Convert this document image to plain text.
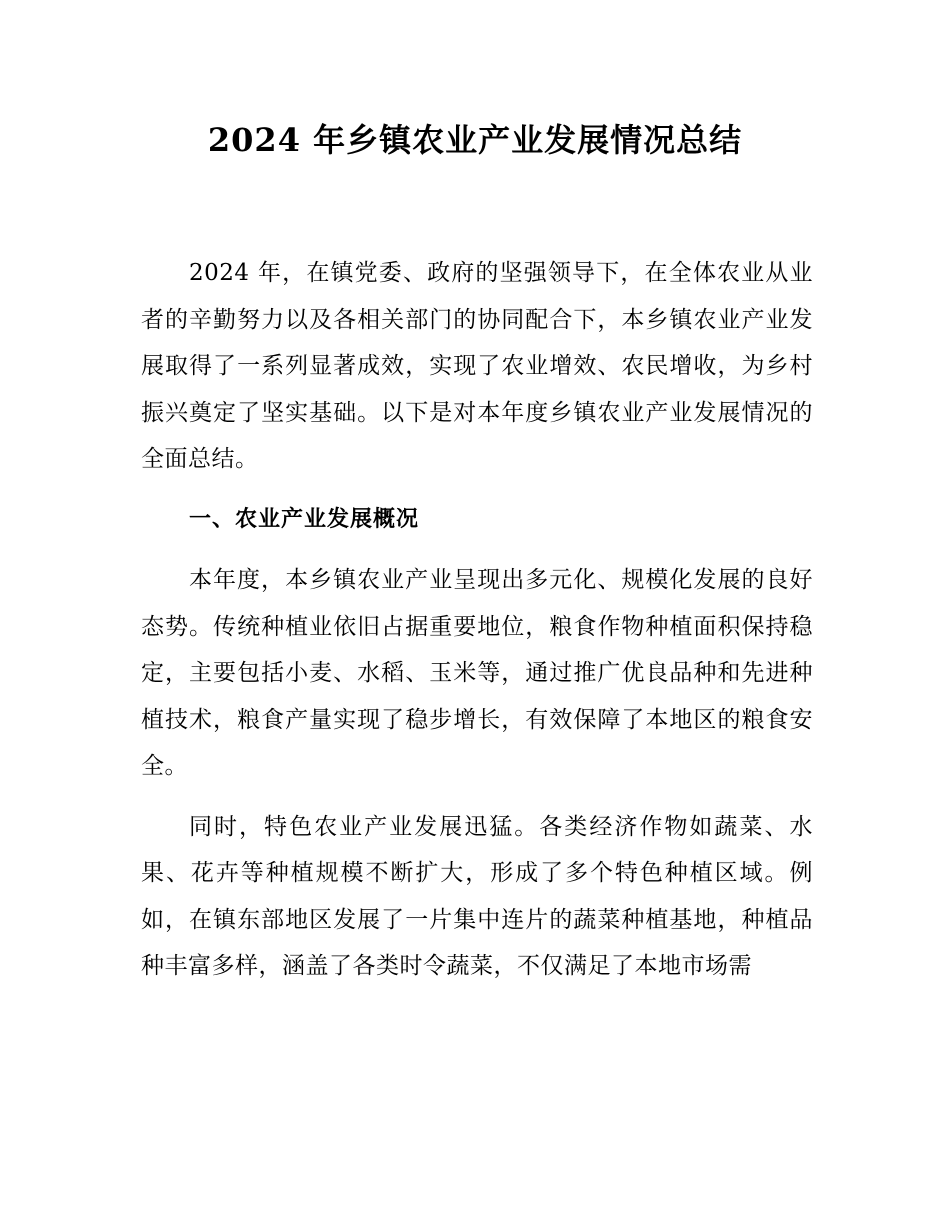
2024 年乡镇农业产业发展情况总结

2024 年，在镇党委、政府的坚强领导下，在全体农业从业者的辛勤努力以及各相关部门的协同配合下，本乡镇农业产业发展取得了一系列显著成效，实现了农业增效、农民增收，为乡村振兴奠定了坚实基础。以下是对本年度乡镇农业产业发展情况的全面总结。

一、农业产业发展概况

本年度，本乡镇农业产业呈现出多元化、规模化发展的良好态势。传统种植业依旧占据重要地位，粮食作物种植面积保持稳定，主要包括小麦、水稻、玉米等，通过推广优良品种和先进种植技术，粮食产量实现了稳步增长，有效保障了本地区的粮食安全。

同时，特色农业产业发展迅猛。各类经济作物如蔬菜、水果、花卉等种植规模不断扩大，形成了多个特色种植区域。例如，在镇东部地区发展了一片集中连片的蔬菜种植基地，种植品种丰富多样，涵盖了各类时令蔬菜，不仅满足了本地市场需
